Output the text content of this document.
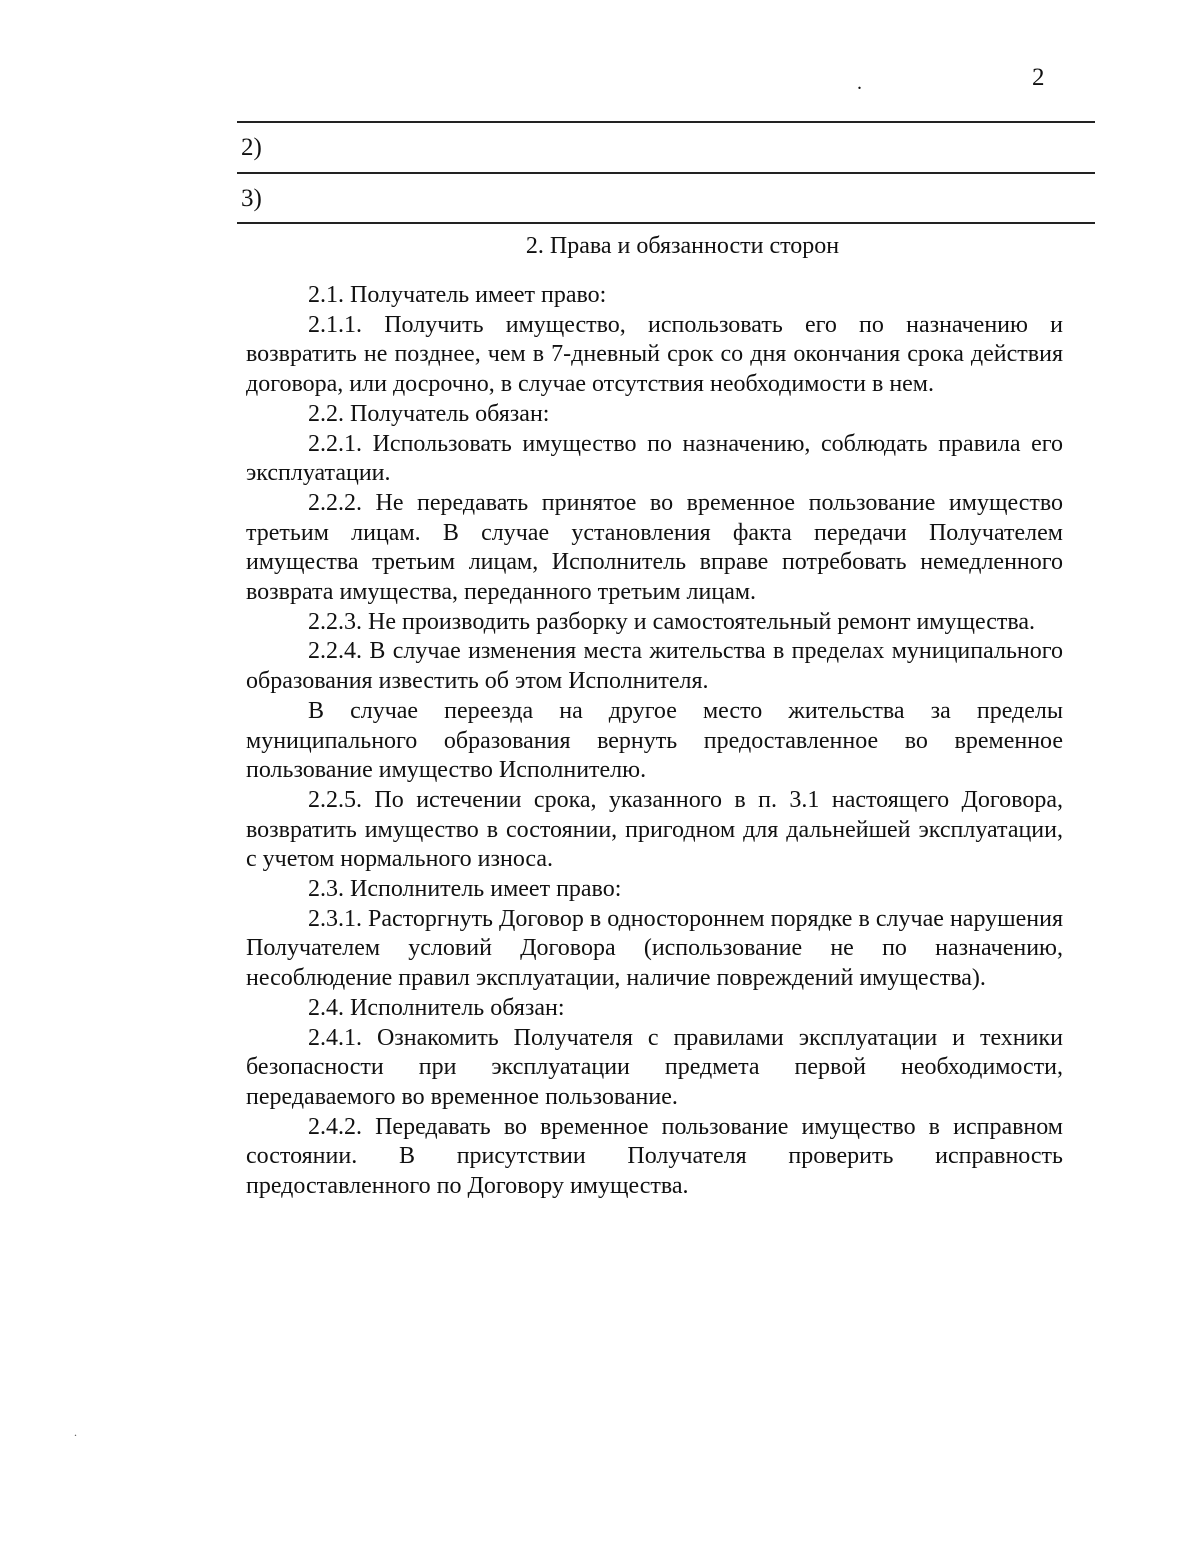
2
.
2)
3)
2. Права и обязанности сторон

2.1. Получатель имеет право:

2.1.1. Получить имущество, использовать его по назначению и возвратить не позднее, чем в 7-дневный срок со дня окончания срока действия договора, или досрочно, в случае отсутствия необходимости в нем.

2.2. Получатель обязан:

2.2.1. Использовать имущество по назначению, соблюдать правила его эксплуатации.

2.2.2. Не передавать принятое во временное пользование имущество третьим лицам. В случае установления факта передачи Получателем имущества третьим лицам, Исполнитель вправе потребовать немедленного возврата имущества, переданного третьим лицам.

2.2.3. Не производить разборку и самостоятельный ремонт имущества.

2.2.4. В случае изменения места жительства в пределах муниципального образования известить об этом Исполнителя.

В случае переезда на другое место жительства за пределы муниципального образования вернуть предоставленное во временное пользование имущество Исполнителю.

2.2.5. По истечении срока, указанного в п. 3.1 настоящего Договора, возвратить имущество в состоянии, пригодном для дальнейшей эксплуатации, с учетом нормального износа.

2.3. Исполнитель имеет право:

2.3.1. Расторгнуть Договор в одностороннем порядке в случае нарушения Получателем условий Договора (использование не по назначению, несоблюдение правил эксплуатации, наличие повреждений имущества).

2.4. Исполнитель обязан:

2.4.1. Ознакомить Получателя с правилами эксплуатации и техники безопасности при эксплуатации предмета первой необходимости, передаваемого во временное пользование.

2.4.2. Передавать во временное пользование имущество в исправном состоянии. В присутствии Получателя проверить исправность предоставленного по Договору имущества.

.
